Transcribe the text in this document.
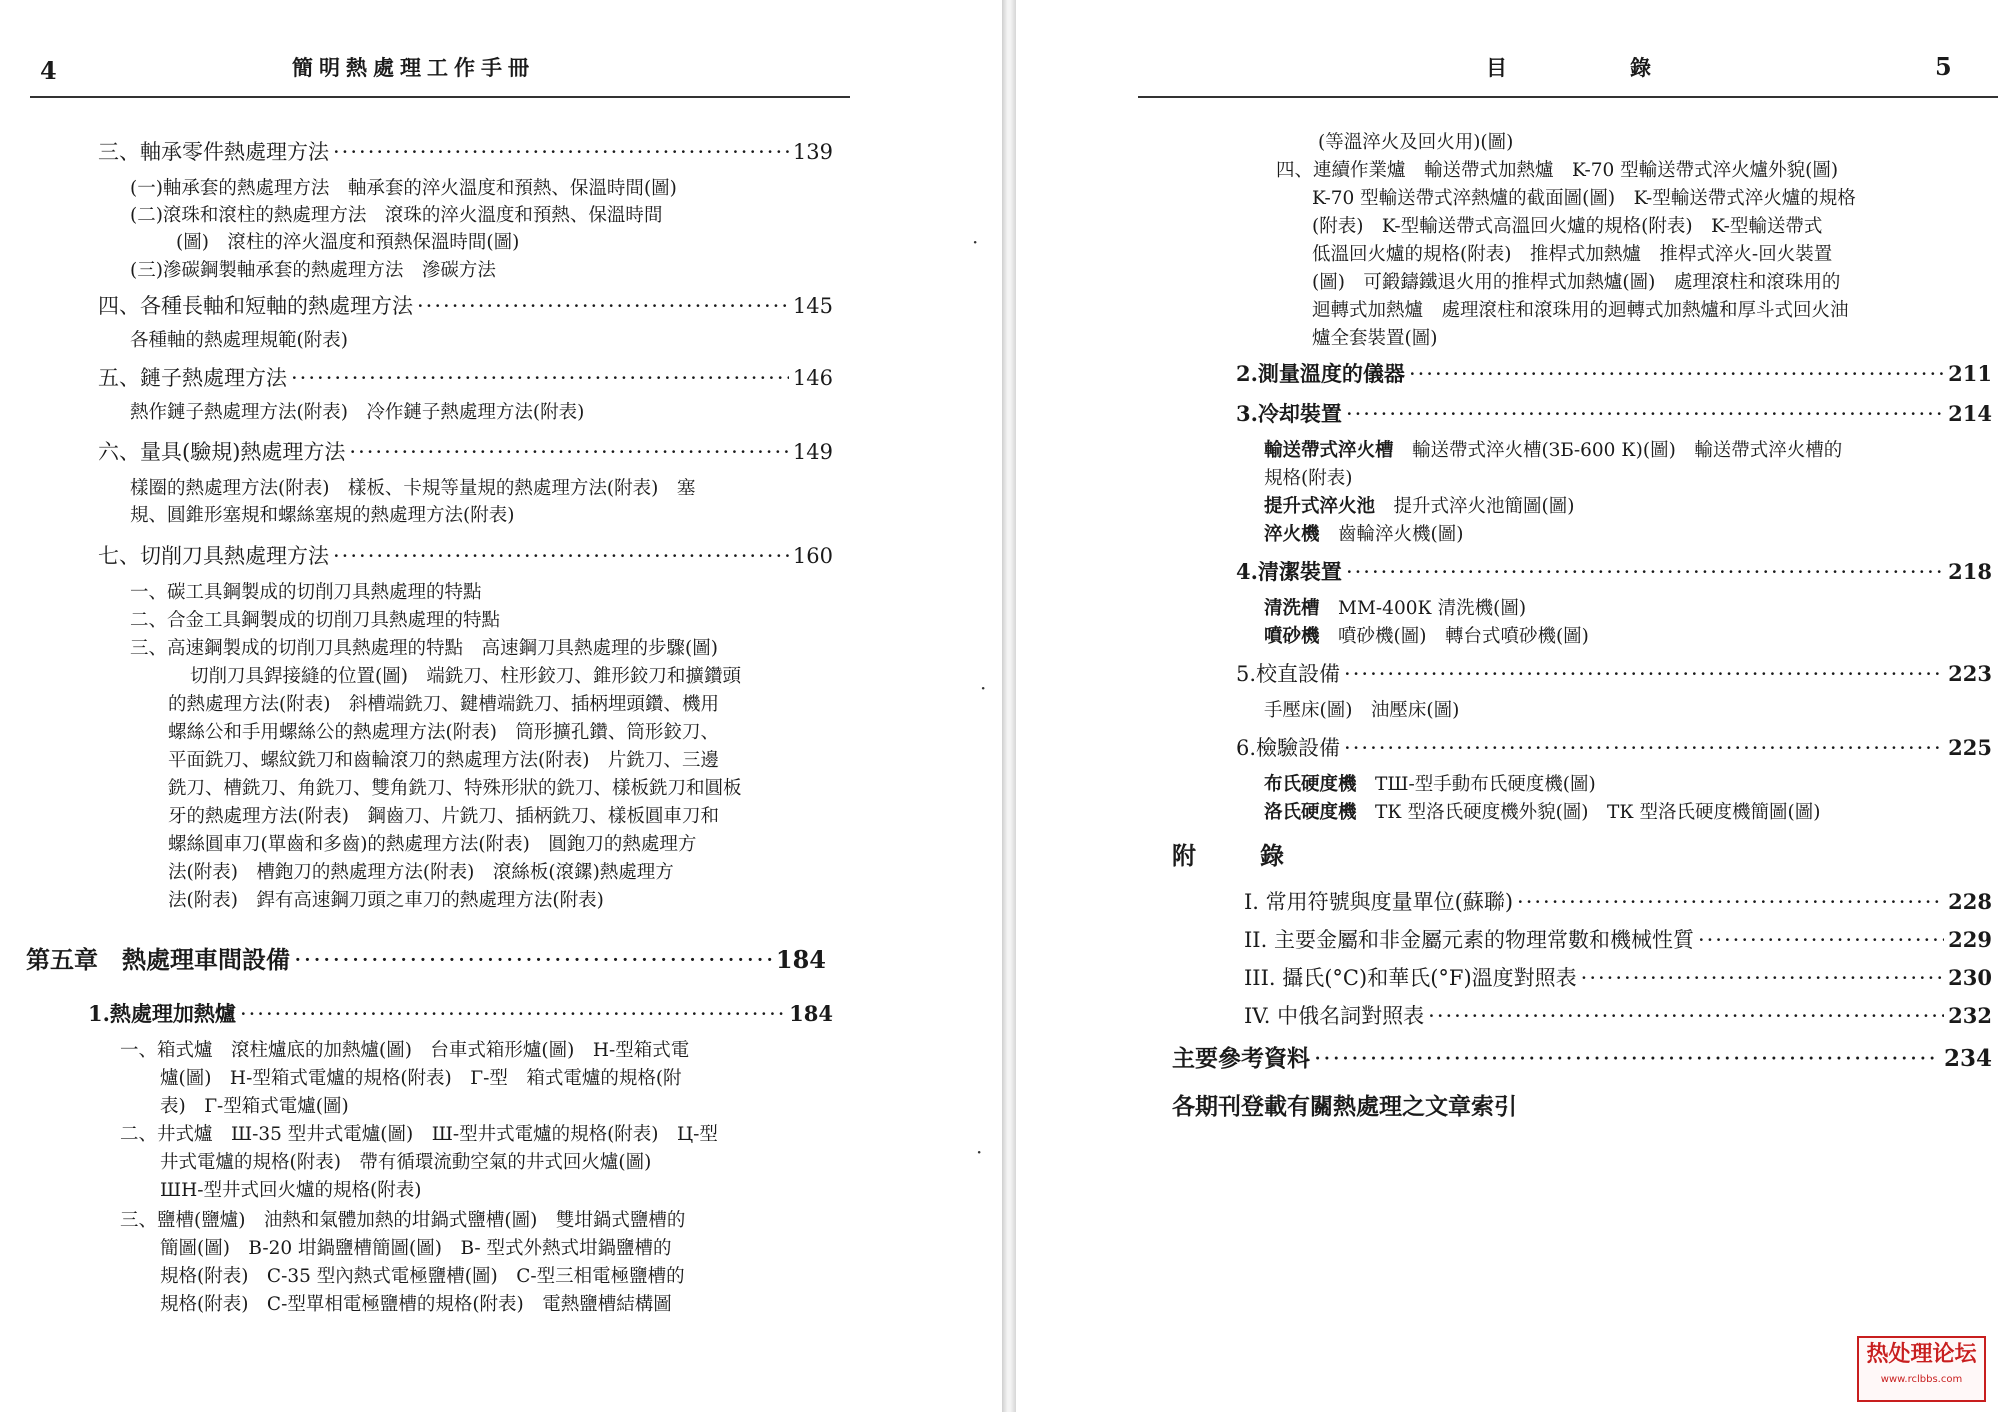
4	簡明熱處理工作手冊
三、軸承零件熱處理方法 ·····	139
(一)軸承套的熱處理方法　軸承套的淬火溫度和預熱、保溫時間(圖)
(二)滾珠和滾柱的熱處理方法　滾珠的淬火溫度和預熱、保溫時間
(圖)　滾柱的淬火溫度和預熱保溫時間(圖)
(三)滲碳鋼製軸承套的熱處理方法　滲碳方法
四、各種長軸和短軸的熱處理方法 ·····	145
各種軸的熱處理規範(附表)
五、鏈子熱處理方法 ·····	146
熱作鏈子熱處理方法(附表)　冷作鏈子熱處理方法(附表)
六、量具(驗規)熱處理方法 ·····	149
樣圈的熱處理方法(附表)　樣板、卡規等量規的熱處理方法(附表)　塞
規、圓錐形塞規和螺絲塞規的熱處理方法(附表)
七、切削刀具熱處理方法 ·····	160
一、碳工具鋼製成的切削刀具熱處理的特點
二、合金工具鋼製成的切削刀具熱處理的特點
三、高速鋼製成的切削刀具熱處理的特點　高速鋼刀具熱處理的步驟(圖)
切削刀具銲接縫的位置(圖)　端銑刀、柱形鉸刀、錐形鉸刀和擴鑽頭
的熱處理方法(附表)　斜槽端銑刀、鍵槽端銑刀、插柄埋頭鑽、機用
螺絲公和手用螺絲公的熱處理方法(附表)　筒形擴孔鑽、筒形鉸刀、
平面銑刀、螺紋銑刀和齒輪滾刀的熱處理方法(附表)　片銑刀、三邊
銑刀、槽銑刀、角銑刀、雙角銑刀、特殊形狀的銑刀、樣板銑刀和圓板
牙的熱處理方法(附表)　鋼齒刀、片銑刀、插柄銑刀、樣板圓車刀和
螺絲圓車刀(單齒和多齒)的熱處理方法(附表)　圓鉋刀的熱處理方
法(附表)　槽鉋刀的熱處理方法(附表)　滾絲板(滾鏍)熱處理方
法(附表)　銲有高速鋼刀頭之車刀的熱處理方法(附表)
第五章　熱處理車間設備 ·····	184
1.熱處理加熱爐 ·····	184
一、箱式爐　滾柱爐底的加熱爐(圖)　台車式箱形爐(圖)　H-型箱式電
爐(圖)　H-型箱式電爐的規格(附表)　Γ-型　箱式電爐的規格(附
表)　Γ-型箱式電爐(圖)
二、井式爐　Ш-35 型井式電爐(圖)　Ш-型井式電爐的規格(附表)　Ц-型
井式電爐的規格(附表)　帶有循環流動空氣的井式回火爐(圖)
ШН-型井式回火爐的規格(附表)
三、鹽槽(鹽爐)　油熱和氣體加熱的坩鍋式鹽槽(圖)　雙坩鍋式鹽槽的
簡圖(圖)　B-20 坩鍋鹽槽簡圖(圖)　B- 型式外熱式坩鍋鹽槽的
規格(附表)　C-35 型內熱式電極鹽槽(圖)　C-型三相電極鹽槽的
規格(附表)　C-型單相電極鹽槽的規格(附表)　電熱鹽槽結構圖
·
·
·
目	錄	5
(等溫淬火及回火用)(圖)
四、連續作業爐　輸送帶式加熱爐　K-70 型輸送帶式淬火爐外貌(圖)
K-70 型輸送帶式淬熱爐的截面圖(圖)　K-型輸送帶式淬火爐的規格
(附表)　K-型輸送帶式高溫回火爐的規格(附表)　K-型輸送帶式
低溫回火爐的規格(附表)　推桿式加熱爐　推桿式淬火-回火裝置
(圖)　可鍛鑄鐵退火用的推桿式加熱爐(圖)　處理滾柱和滾珠用的
迴轉式加熱爐　處理滾柱和滾珠用的迴轉式加熱爐和厚斗式回火油
爐全套裝置(圖)
2.測量溫度的儀器 ·····	211
3.冷却裝置 ·····	214
輸送帶式淬火槽　 輸送帶式淬火槽(ЗБ-600 К)(圖)　輸送帶式淬火槽的
規格(附表)
提升式淬火池　 提升式淬火池簡圖(圖)
淬火機　 齒輪淬火機(圖)
4.清潔裝置 ·····	218
清洗槽　 MM-400К 清洗機(圖)
噴砂機　 噴砂機(圖)　轉台式噴砂機(圖)
5.校直設備 ·····	223
手壓床(圖)　油壓床(圖)
6.檢驗設備 ·····	225
布氏硬度機　 ТШ-型手動布氏硬度機(圖)
洛氏硬度機　 ТК 型洛氏硬度機外貌(圖)　ТК 型洛氏硬度機簡圖(圖)
附　錄
I. 常用符號與度量單位(蘇聯) ·····	228
II. 主要金屬和非金屬元素的物理常數和機械性質 ·····	229
III. 攝氏(°C)和華氏(°F)溫度對照表 ·····	230
IV. 中俄名詞對照表 ·····	232
主要參考資料 ·····	234
各期刊登載有關熱處理之文章索引
热处理论坛
www.rclbbs.com
